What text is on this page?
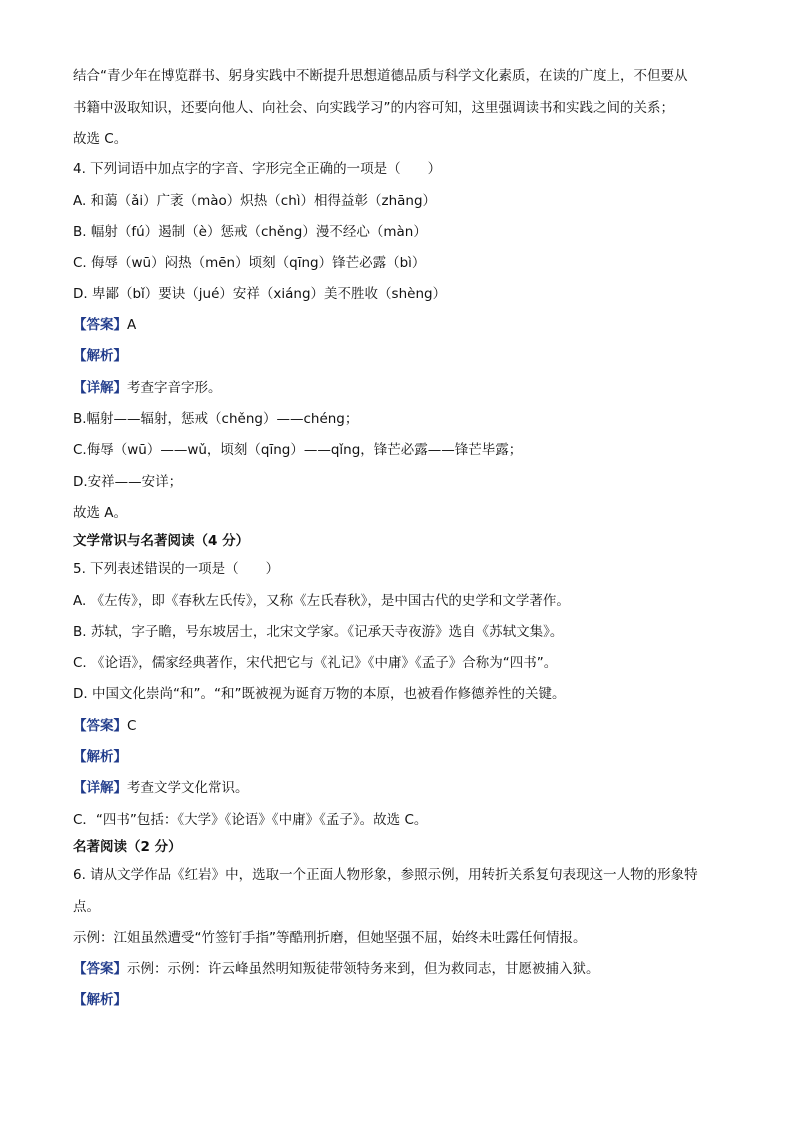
结合“青少年在博览群书、躬身实践中不断提升思想道德品质与科学文化素质，在读的广度上，不但要从
书籍中汲取知识，还要向他人、向社会、向实践学习”的内容可知，这里强调读书和实践之间的关系；
故选 C。
4. 下列词语中加点字的字音、字形完全正确的一项是（　　）
A. 和蔼（ǎi）广袤（mào）炽热（chì）相得益彰（zhāng）
B. 幅射（fú）遏制（è）惩戒（chěng）漫不经心（màn）
C. 侮辱（wū）闷热（mēn）顷刻（qīng）锋芒必露（bì）
D. 卑鄙（bǐ）要诀（jué）安祥（xiáng）美不胜收（shèng）
【答案】A
【解析】
【详解】考查字音字形。
B.幅射——辐射，惩戒（chěng）——chéng；
C.侮辱（wū）——wǔ，顷刻（qīng）——qǐng，锋芒必露——锋芒毕露；
D.安祥——安详；
故选 A。
文学常识与名著阅读（4 分）
5. 下列表述错误的一项是（　　）
A. 《左传》，即《春秋左氏传》，又称《左氏春秋》，是中国古代的史学和文学著作。
B. 苏轼，字子瞻，号东坡居士，北宋文学家。《记承天寺夜游》选自《苏轼文集》。
C. 《论语》，儒家经典著作，宋代把它与《礼记》《中庸》《孟子》合称为“四书”。
D. 中国文化崇尚“和”。“和”既被视为诞育万物的本原，也被看作修德养性的关键。
【答案】C
【解析】
【详解】考查文学文化常识。
C．“四书”包括：《大学》《论语》《中庸》《孟子》。故选 C。
名著阅读（2 分）
6. 请从文学作品《红岩》中，选取一个正面人物形象，参照示例，用转折关系复句表现这一人物的形象特
点。
示例：江姐虽然遭受“竹签钉手指”等酷刑折磨，但她坚强不屈，始终未吐露任何情报。
【答案】示例：示例：许云峰虽然明知叛徒带领特务来到，但为救同志，甘愿被捕入狱。
【解析】
